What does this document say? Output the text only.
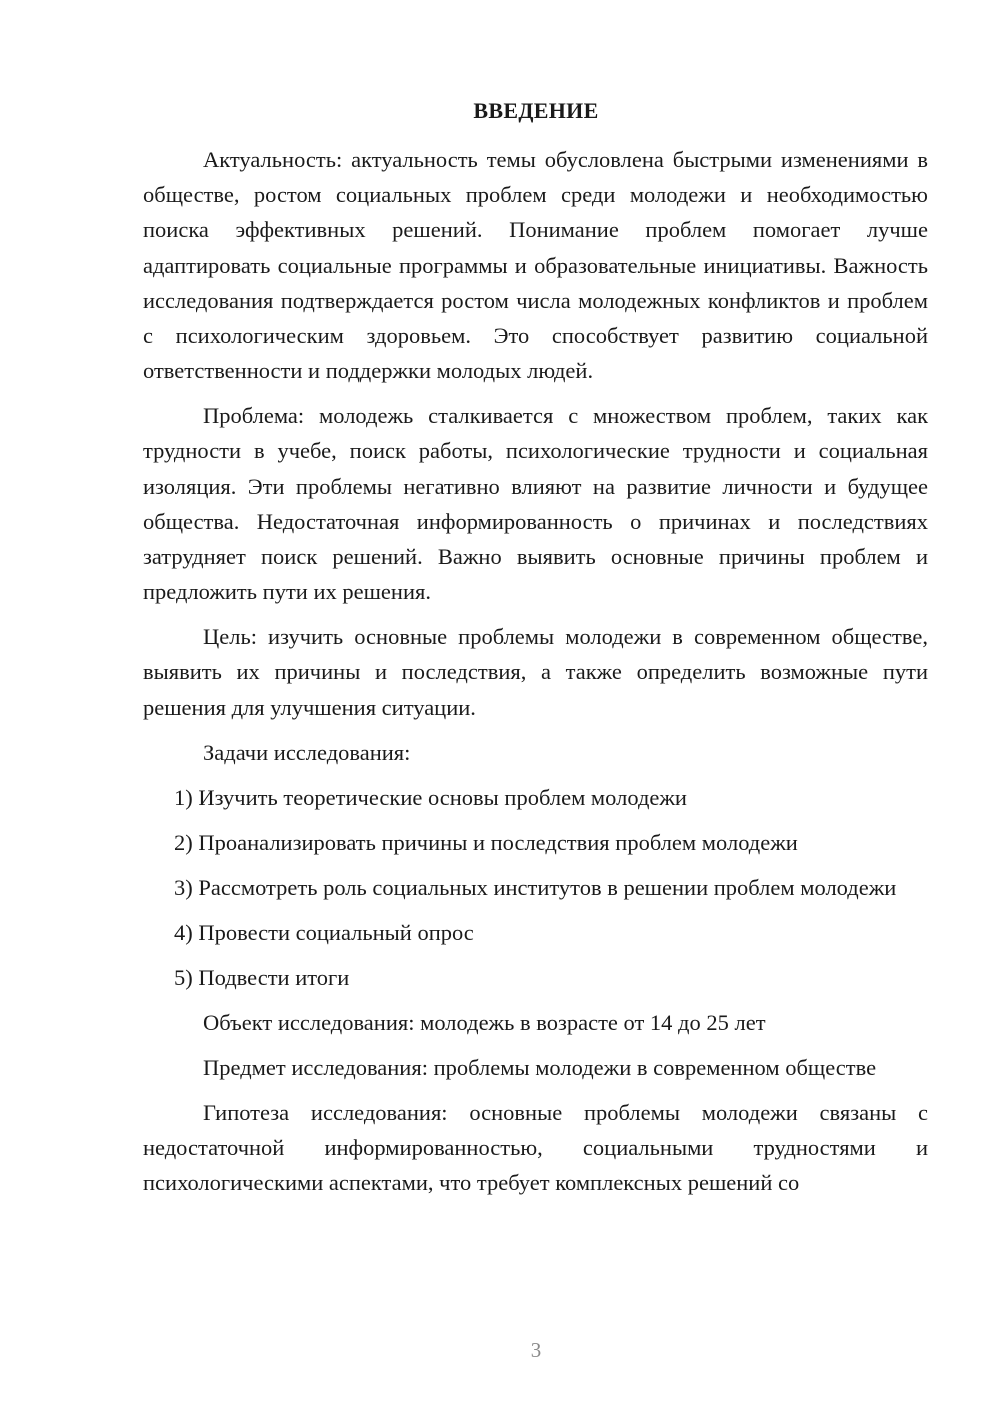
ВВЕДЕНИЕ

Актуальность: актуальность темы обусловлена быстрыми изменениями в обществе, ростом социальных проблем среди молодежи и необходимостью поиска эффективных решений. Понимание проблем помогает лучше адаптировать социальные программы и образовательные инициативы. Важность исследования подтверждается ростом числа молодежных конфликтов и проблем с психологическим здоровьем. Это способствует развитию социальной ответственности и поддержки молодых людей.

Проблема: молодежь сталкивается с множеством проблем, таких как трудности в учебе, поиск работы, психологические трудности и социальная изоляция. Эти проблемы негативно влияют на развитие личности и будущее общества. Недостаточная информированность о причинах и последствиях затрудняет поиск решений. Важно выявить основные причины проблем и предложить пути их решения.

Цель: изучить основные проблемы молодежи в современном обществе, выявить их причины и последствия, а также определить возможные пути решения для улучшения ситуации.

Задачи исследования:

1) Изучить теоретические основы проблем молодежи

2) Проанализировать причины и последствия проблем молодежи

3) Рассмотреть роль социальных институтов в решении проблем молодежи

4) Провести социальный опрос

5) Подвести итоги

Объект исследования: молодежь в возрасте от 14 до 25 лет

Предмет исследования: проблемы молодежи в современном обществе

Гипотеза исследования: основные проблемы молодежи связаны с недостаточной информированностью, социальными трудностями и психологическими аспектами, что требует комплексных решений со

3
